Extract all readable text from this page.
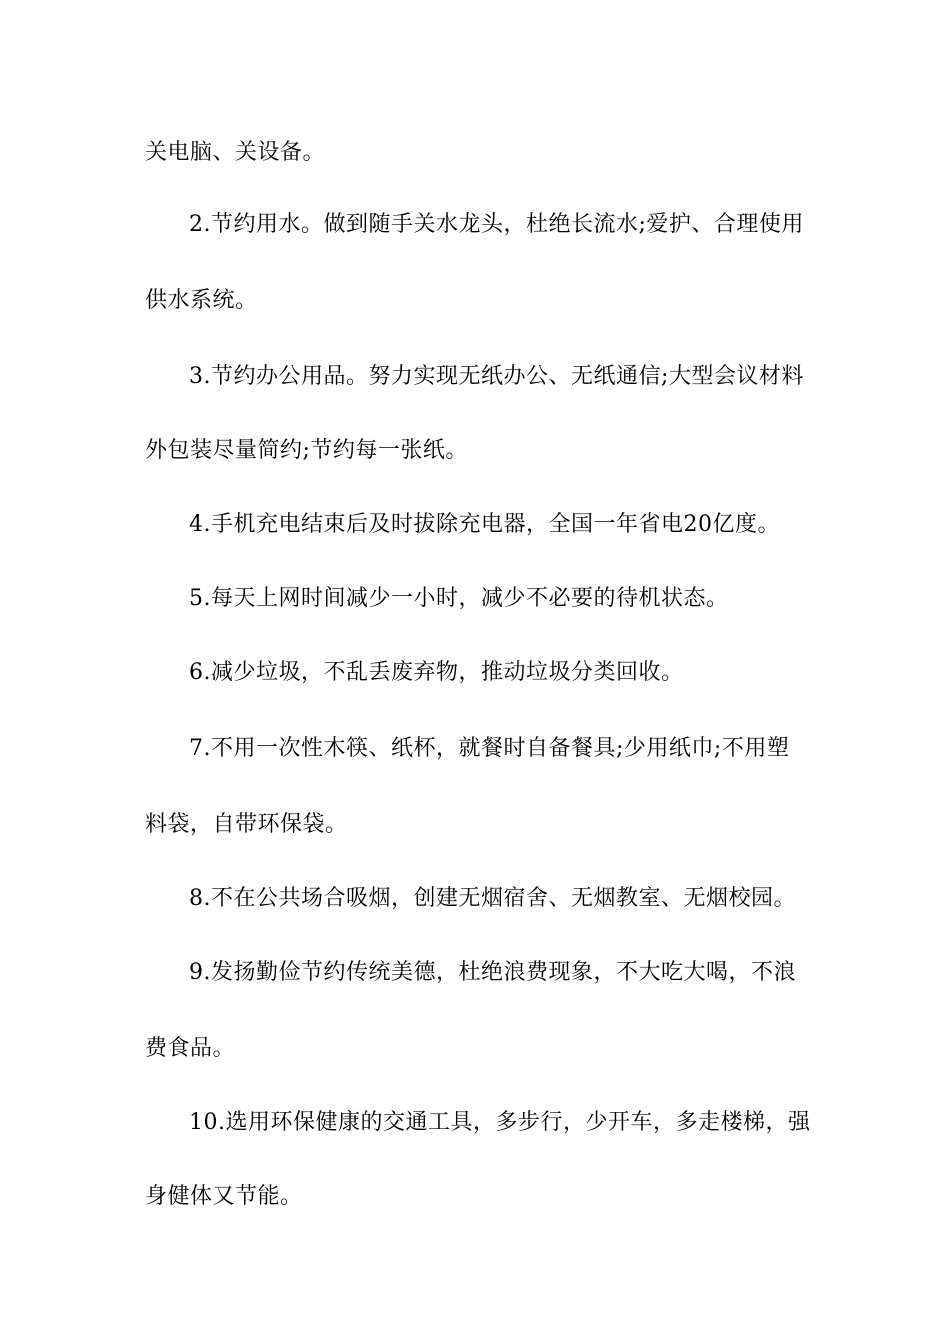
关电脑、关设备。
2.节约用水。做到随手关水龙头，杜绝长流水;爱护、合理使用
供水系统。
3.节约办公用品。努力实现无纸办公、无纸通信;大型会议材料
外包装尽量简约;节约每一张纸。
4.手机充电结束后及时拔除充电器，全国一年省电20亿度。
5.每天上网时间减少一小时，减少不必要的待机状态。
6.减少垃圾，不乱丢废弃物，推动垃圾分类回收。
7.不用一次性木筷、纸杯，就餐时自备餐具;少用纸巾;不用塑
料袋，自带环保袋。
8.不在公共场合吸烟，创建无烟宿舍、无烟教室、无烟校园。
9.发扬勤俭节约传统美德，杜绝浪费现象，不大吃大喝，不浪
费食品。
10.选用环保健康的交通工具，多步行，少开车，多走楼梯，强
身健体又节能。
